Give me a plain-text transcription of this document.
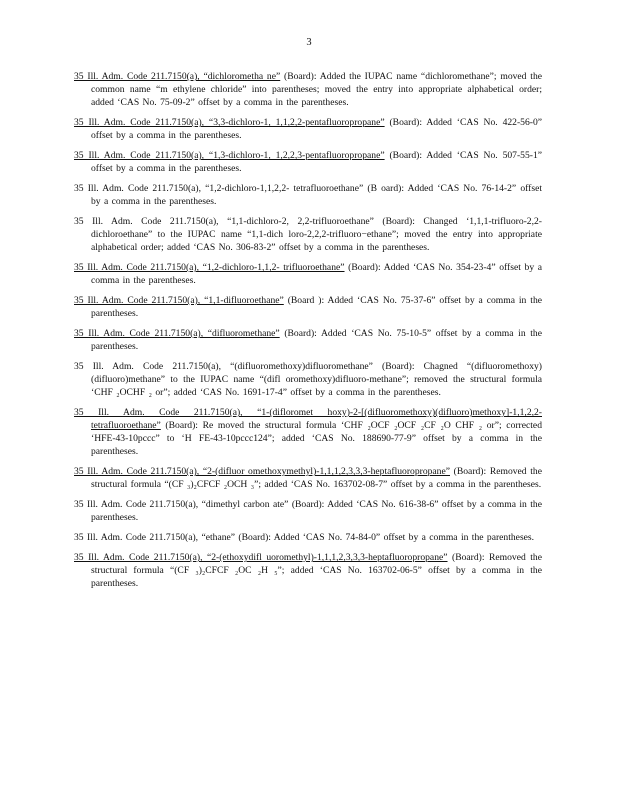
3

35 Ill. Adm. Code 211.7150(a), “dichlorometha ne” (Board): Added the IUPAC name “dichloromethane”; moved the common name “m ethylene chloride” into parentheses; moved the entry into appropriate alphabetical order; added ‘CAS No. 75-09-2” offset by a comma in the parentheses.

35 Ill. Adm. Code 211.7150(a), “3,3-dichloro-1, 1,1,2,2-pentafluoropropane” (Board): Added ‘CAS No. 422-56-0” offset by a comma in the parentheses.

35 Ill. Adm. Code 211.7150(a), “1,3-dichloro-1, 1,2,2,3-pentafluoropropane” (Board): Added ‘CAS No. 507-55-1” offset by a comma in the parentheses.

35 Ill. Adm. Code 211.7150(a), “1,2-dichloro-1,1,2,2- tetrafluoroethane” (B oard): Added ‘CAS No. 76-14-2” offset by a comma in the parentheses.

35 Ill. Adm. Code 211.7150(a), “1,1-dichloro-2, 2,2-trifluoroethane” (Board): Changed ‘1,1,1-trifluoro-2,2-dichloroethane” to the IUPAC name “1,1-dich loro-2,2,2-trifluoro−ethane”; moved the entry into appropriate alphabetical order; added ‘CAS No. 306-83-2” offset by a comma in the parentheses.

35 Ill. Adm. Code 211.7150(a), “1,2-dichloro-1,1,2- trifluoroethane” (Board): Added ‘CAS No. 354-23-4” offset by a comma in the parentheses.

35 Ill. Adm. Code 211.7150(a), “1,1-difluoroethane” (Board ): Added ‘CAS No. 75-37-6” offset by a comma in the parentheses.

35 Ill. Adm. Code 211.7150(a), “difluoromethane” (Board): Added ‘CAS No. 75-10-5” offset by a comma in the parentheses.

35 Ill. Adm. Code 211.7150(a), “(difluoromethoxy)difluoromethane” (Board): Chagned “(difluoromethoxy)(difluoro)methane” to the IUPAC name “(difl oromethoxy)difluoro-methane”; removed the structural formula ‘CHF ₂OCHF ₂ or”; added ‘CAS No. 1691-17-4” offset by a comma in the parentheses.

35 Ill. Adm. Code 211.7150(a), “1-(difloromet hoxy)-2-[(difluoromethoxy)(difluoro)methoxy]-1,1,2,2-tetrafluoroethane” (Board): Re moved the structural formula ‘CHF ₂OCF ₂OCF ₂CF ₂O CHF ₂ or”; corrected ‘HFE-43-10pccc” to ‘H FE-43-10pccc124”; added ‘CAS No. 188690-77-9” offset by a comma in the parentheses.

35 Ill. Adm. Code 211.7150(a), “2-(difluor omethoxymethyl)-1,1,1,2,3,3,3-heptafluoropropane” (Board): Removed the structural formula “(CF ₃)₂CFCF ₂OCH ₃”; added ‘CAS No. 163702-08-7” offset by a comma in the parentheses.

35 Ill. Adm. Code 211.7150(a), “dimethyl carbon ate” (Board): Added ‘CAS No. 616-38-6” offset by a comma in the parentheses.

35 Ill. Adm. Code 211.7150(a), “ethane” (Board): Added ‘CAS No. 74-84-0” offset by a comma in the parentheses.

35 Ill. Adm. Code 211.7150(a), “2-(ethoxydifl uoromethyl)-1,1,1,2,3,3,3-heptafluoropropane” (Board): Removed the structural formula “(CF ₃)₂CFCF ₂OC ₂H ₅”; added ‘CAS No. 163702-06-5” offset by a comma in the parentheses.
